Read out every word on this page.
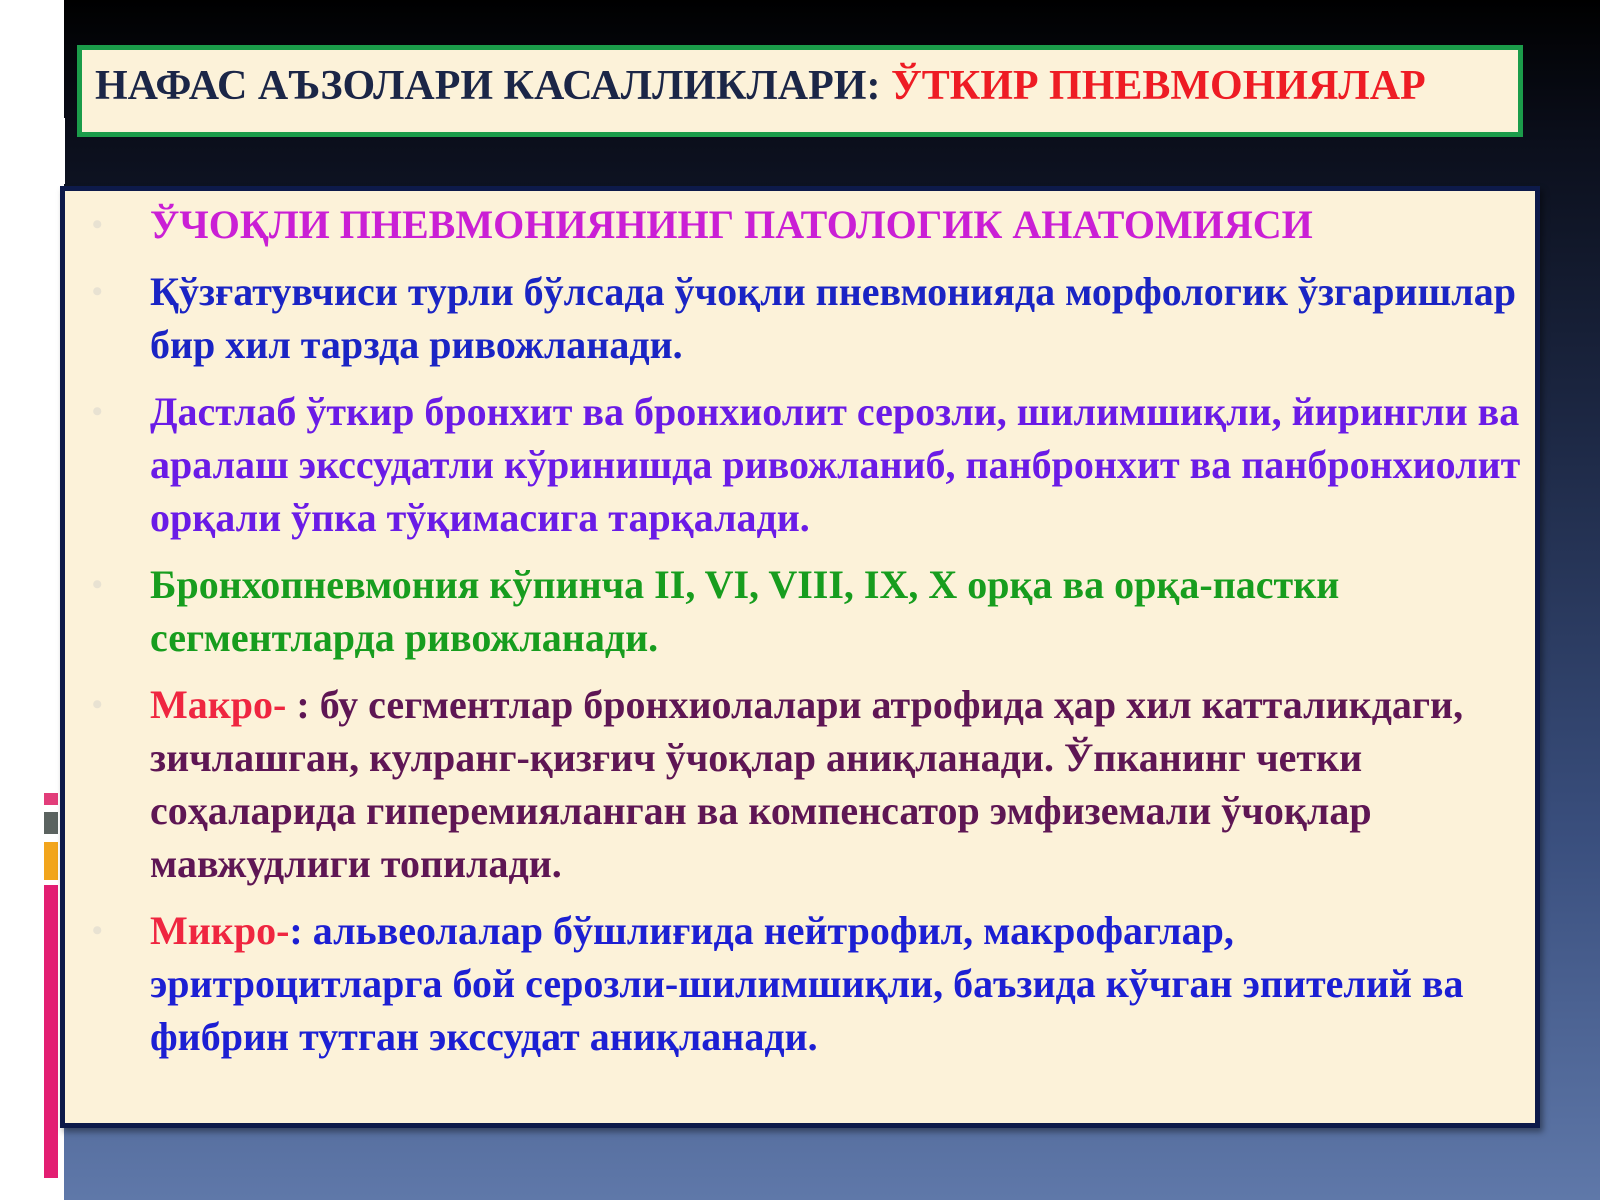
НАФАС АЪЗОЛАРИ КАСАЛЛИКЛАРИ: ЎТКИР ПНЕВМОНИЯЛАР
• ЎЧОҚЛИ ПНЕВМОНИЯНИНГ ПАТОЛОГИК АНАТОМИЯСИ
• Қўзғатувчиси турли бўлсада ўчоқли пневмонияда морфологик ўзгаришлар бир хил тарзда ривожланади.
• Дастлаб ўткир бронхит ва бронхиолит серозли, шилимшиқли, йирингли ва аралаш экссудатли кўринишда ривожланиб, панбронхит ва панбронхиолит орқали ўпка тўқимасига тарқалади.
• Бронхопневмония кўпинча II, VI, VIII, IX, X орқа ва орқа-пастки сегментларда ривожланади.
• Макро- : бу сегментлар бронхиолалари атрофида ҳар хил катталикдаги, зичлашган, кулранг-қизғич ўчоқлар аниқланади. Ўпканинг четки соҳаларида гиперемияланган ва компенсатор эмфиземали ўчоқлар мавжудлиги топилади.
• Микро-: альвеолалар бўшлиғида нейтрофил, макрофаглар, эритроцитларга бой серозли-шилимшиқли, баъзида кўчган эпителий ва фибрин тутган экссудат аниқланади.
